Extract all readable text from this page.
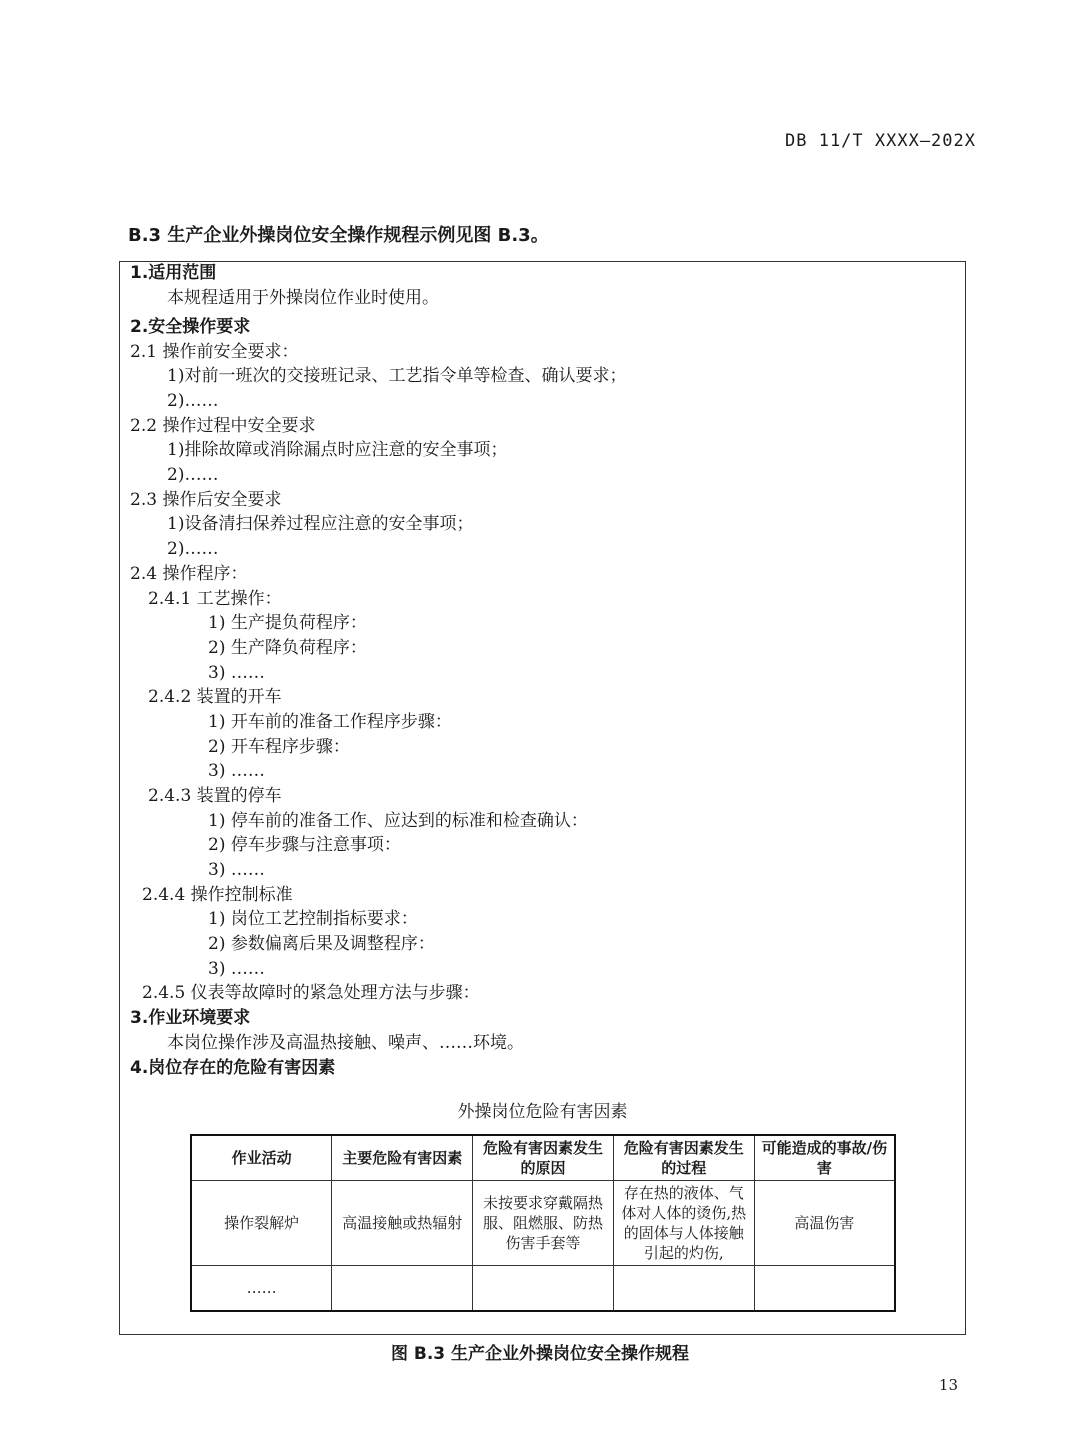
DB 11/T XXXX—202X
B.3 生产企业外操岗位安全操作规程示例见图 B.3。
1.适用范围
本规程适用于外操岗位作业时使用。
2.安全操作要求
2.1 操作前安全要求：
1)对前一班次的交接班记录、工艺指令单等检查、确认要求；
2)……
2.2 操作过程中安全要求
1)排除故障或消除漏点时应注意的安全事项；
2)……
2.3 操作后安全要求
1)设备清扫保养过程应注意的安全事项；
2)……
2.4 操作程序：
2.4.1 工艺操作：
1) 生产提负荷程序：
2) 生产降负荷程序：
3) ……
2.4.2 装置的开车
1) 开车前的准备工作程序步骤：
2) 开车程序步骤：
3) ……
2.4.3 装置的停车
1) 停车前的准备工作、应达到的标准和检查确认：
2) 停车步骤与注意事项：
3) ……
2.4.4 操作控制标准
1) 岗位工艺控制指标要求：
2) 参数偏离后果及调整程序：
3) ……
2.4.5 仪表等故障时的紧急处理方法与步骤：
3.作业环境要求
本岗位操作涉及高温热接触、噪声、……环境。
4.岗位存在的危险有害因素
外操岗位危险有害因素
作业活动	主要危险有害因素	危险有害因素发生的原因	危险有害因素发生的过程	可能造成的事故/伤害
操作裂解炉	高温接触或热辐射	未按要求穿戴隔热服、阻燃服、防热伤害手套等	存在热的液体、气体对人体的烫伤,热的固体与人体接触引起的灼伤,	高温伤害
……				
图 B.3 生产企业外操岗位安全操作规程
13
